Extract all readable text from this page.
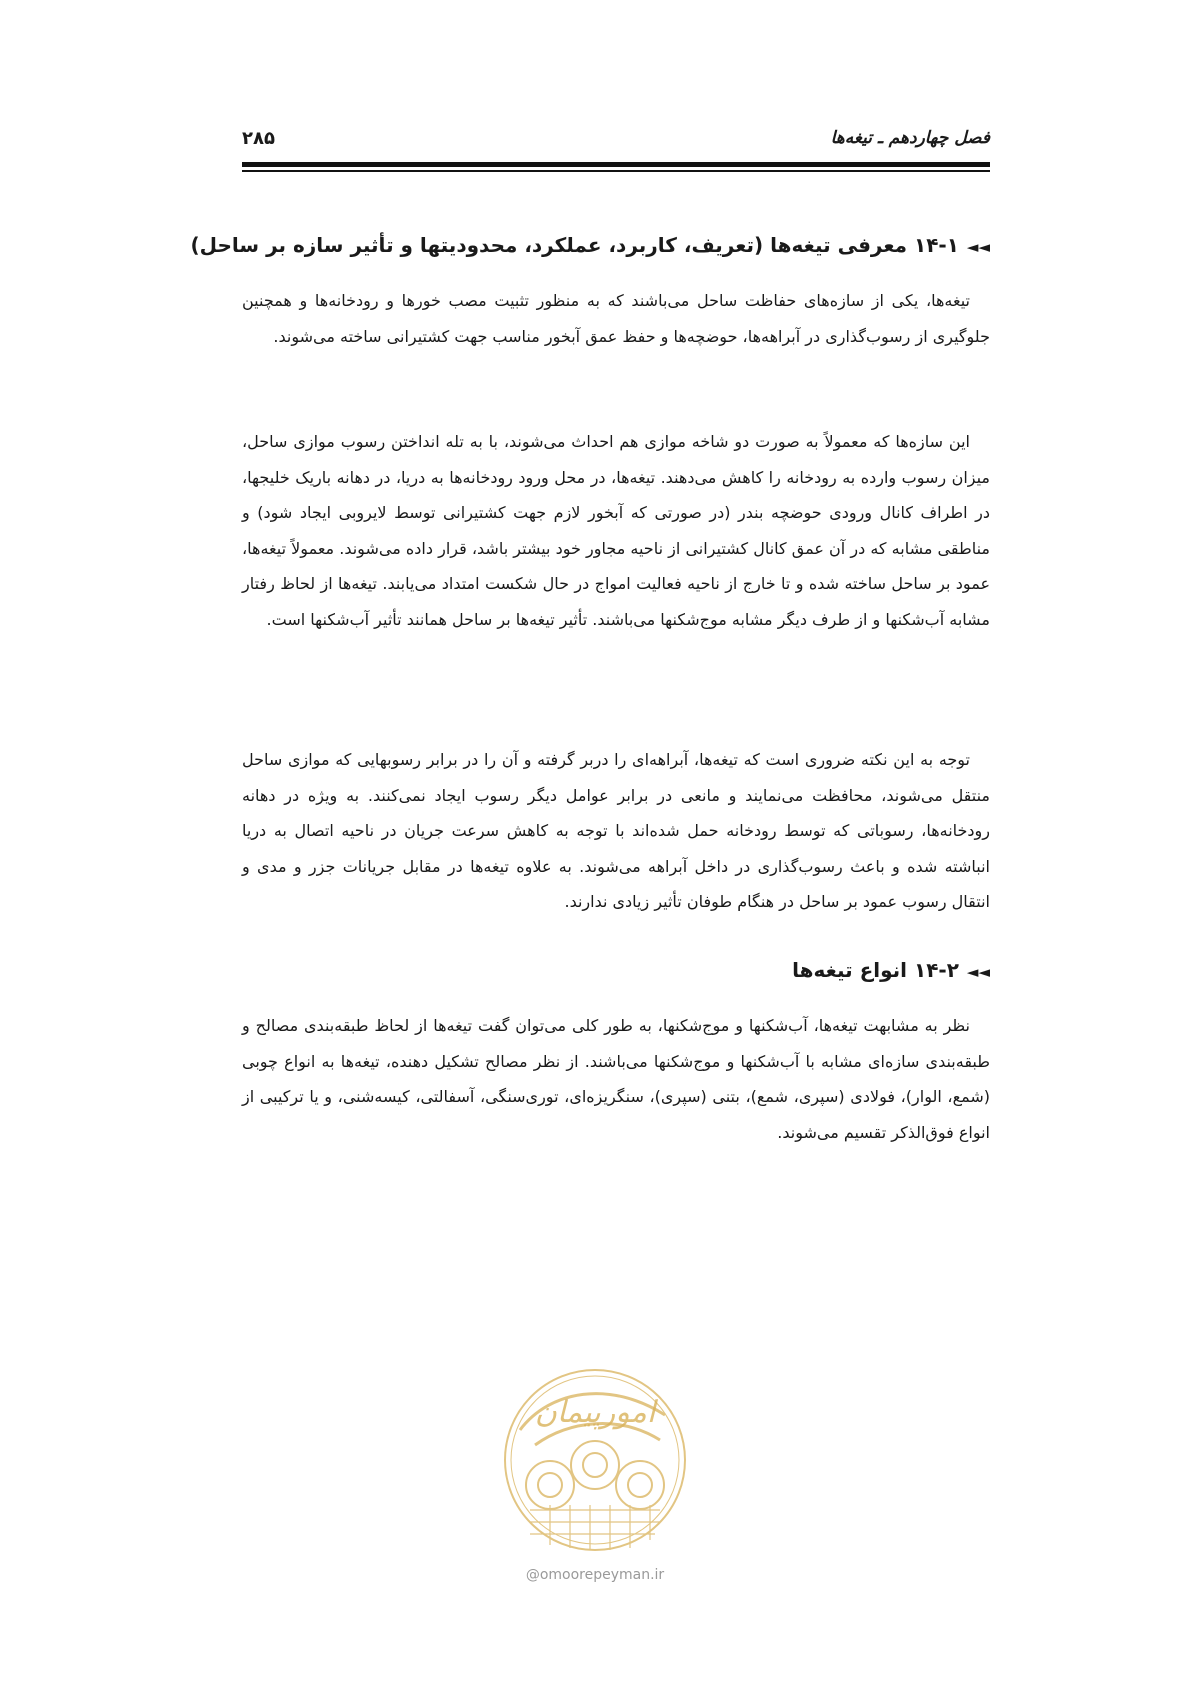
فصل چهاردهم ـ تیغه‌ها
۲۸۵
◄◄۱۴-۱ معرفی تیغه‌ها (تعریف، کاربرد، عملکرد، محدودیتها و تأثیر سازه بر ساحل)

تیغه‌ها، یکی از سازه‌های حفاظت ساحل می‌باشند که به منظور تثبیت مصب خورها و رودخانه‌ها و همچنین جلوگیری از رسوب‌گذاری در آبراهه‌ها، حوضچه‌ها و حفظ عمق آبخور مناسب جهت کشتیرانی ساخته می‌شوند.

این سازه‌ها که معمولاً به صورت دو شاخه موازی هم احداث می‌شوند، با به تله انداختن رسوب موازی ساحل، میزان رسوب وارده به رودخانه را کاهش می‌دهند. تیغه‌ها، در محل ورود رودخانه‌ها به دریا، در دهانه باریک خلیجها، در اطراف کانال ورودی حوضچه بندر (در صورتی که آبخور لازم جهت کشتیرانی توسط لایروبی ایجاد شود) و مناطقی مشابه که در آن عمق کانال کشتیرانی از ناحیه مجاور خود بیشتر باشد، قرار داده می‌شوند. معمولاً تیغه‌ها، عمود بر ساحل ساخته شده و تا خارج از ناحیه فعالیت امواج در حال شکست امتداد می‌یابند. تیغه‌ها از لحاظ رفتار مشابه آب‌شکنها و از طرف دیگر مشابه موج‌شکنها می‌باشند. تأثیر تیغه‌ها بر ساحل همانند تأثیر آب‌شکنها است.

توجه به این نکته ضروری است که تیغه‌ها، آبراهه‌ای را دربر گرفته و آن را در برابر رسوبهایی که موازی ساحل منتقل می‌شوند، محافظت می‌نمایند و مانعی در برابر عوامل دیگر رسوب ایجاد نمی‌کنند. به ویژه در دهانه رودخانه‌ها، رسوباتی که توسط رودخانه حمل شده‌اند با توجه به کاهش سرعت جریان در ناحیه اتصال به دریا انباشته شده و باعث رسوب‌گذاری در داخل آبراهه می‌شوند. به علاوه تیغه‌ها در مقابل جریانات جزر و مدی و انتقال رسوب عمود بر ساحل در هنگام طوفان تأثیر زیادی ندارند.

◄◄۱۴-۲ انواع تیغه‌ها

نظر به مشابهت تیغه‌ها، آب‌شکنها و موج‌شکنها، به طور کلی می‌توان گفت تیغه‌ها از لحاظ طبقه‌بندی مصالح و طبقه‌بندی سازه‌ای مشابه با آب‌شکنها و موج‌شکنها می‌باشند. از نظر مصالح تشکیل دهنده، تیغه‌ها به انواع چوبی (شمع، الوار)، فولادی (سپری، شمع)، بتنی (سپری)، سنگریزه‌ای، توری‌سنگی، آسفالتی، کیسه‌شنی، و یا ترکیبی از انواع فوق‌الذکر تقسیم می‌شوند.

امورپیمان
@omoorepeyman.ir
